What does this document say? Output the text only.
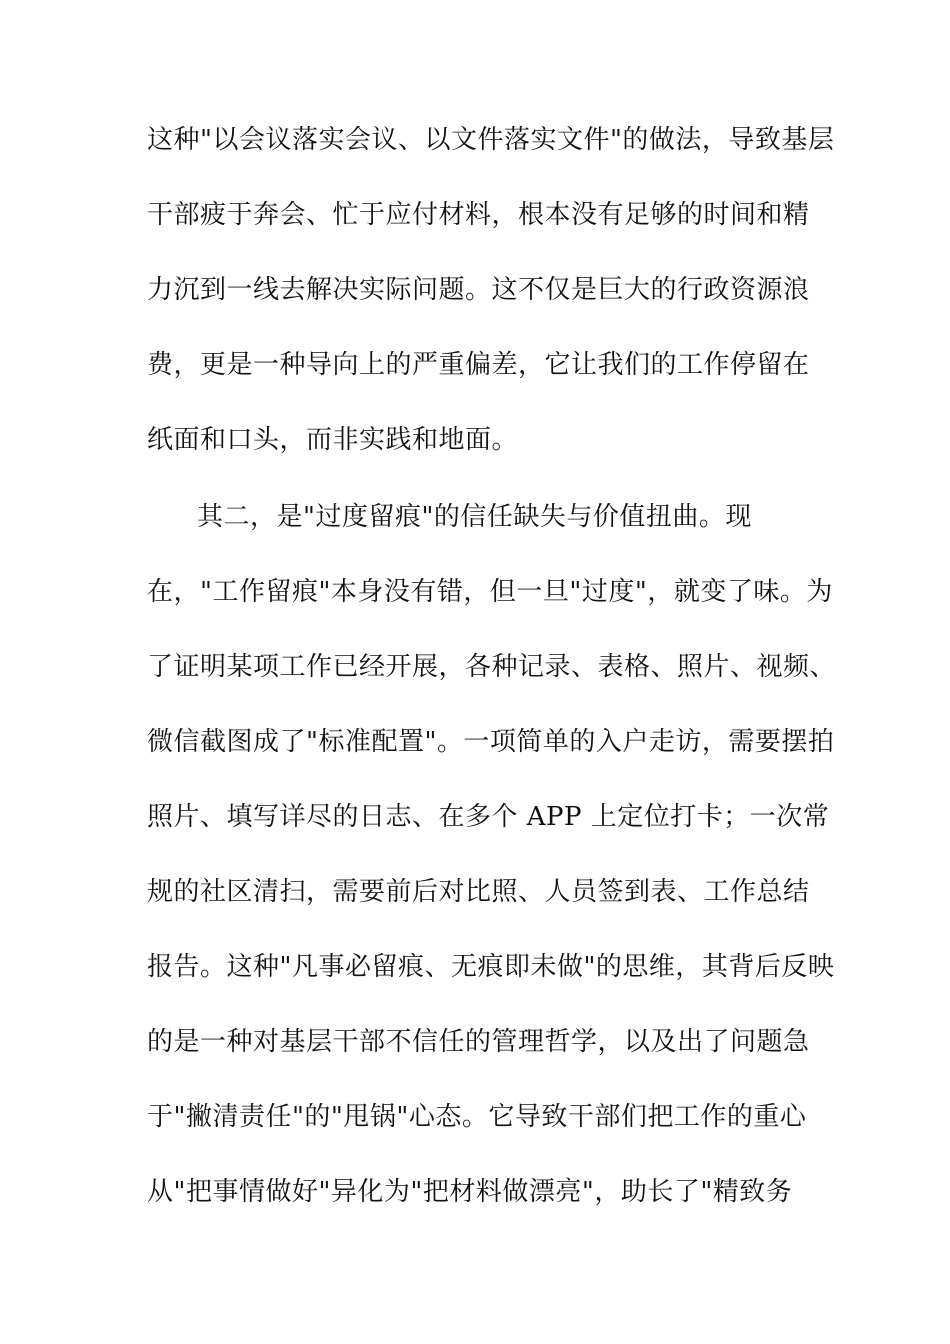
这种"以会议落实会议、以文件落实文件"的做法，导致基层
干部疲于奔会、忙于应付材料，根本没有足够的时间和精
力沉到一线去解决实际问题。这不仅是巨大的行政资源浪
费，更是一种导向上的严重偏差，它让我们的工作停留在
纸面和口头，而非实践和地面。
其二，是"过度留痕"的信任缺失与价值扭曲。现
在，"工作留痕"本身没有错，但一旦"过度"，就变了味。为
了证明某项工作已经开展，各种记录、表格、照片、视频、
微信截图成了"标准配置"。一项简单的入户走访，需要摆拍
照片、填写详尽的日志、在多个 APP 上定位打卡；一次常
规的社区清扫，需要前后对比照、人员签到表、工作总结
报告。这种"凡事必留痕、无痕即未做"的思维，其背后反映
的是一种对基层干部不信任的管理哲学，以及出了问题急
于"撇清责任"的"甩锅"心态。它导致干部们把工作的重心
从"把事情做好"异化为"把材料做漂亮"，助长了"精致务
